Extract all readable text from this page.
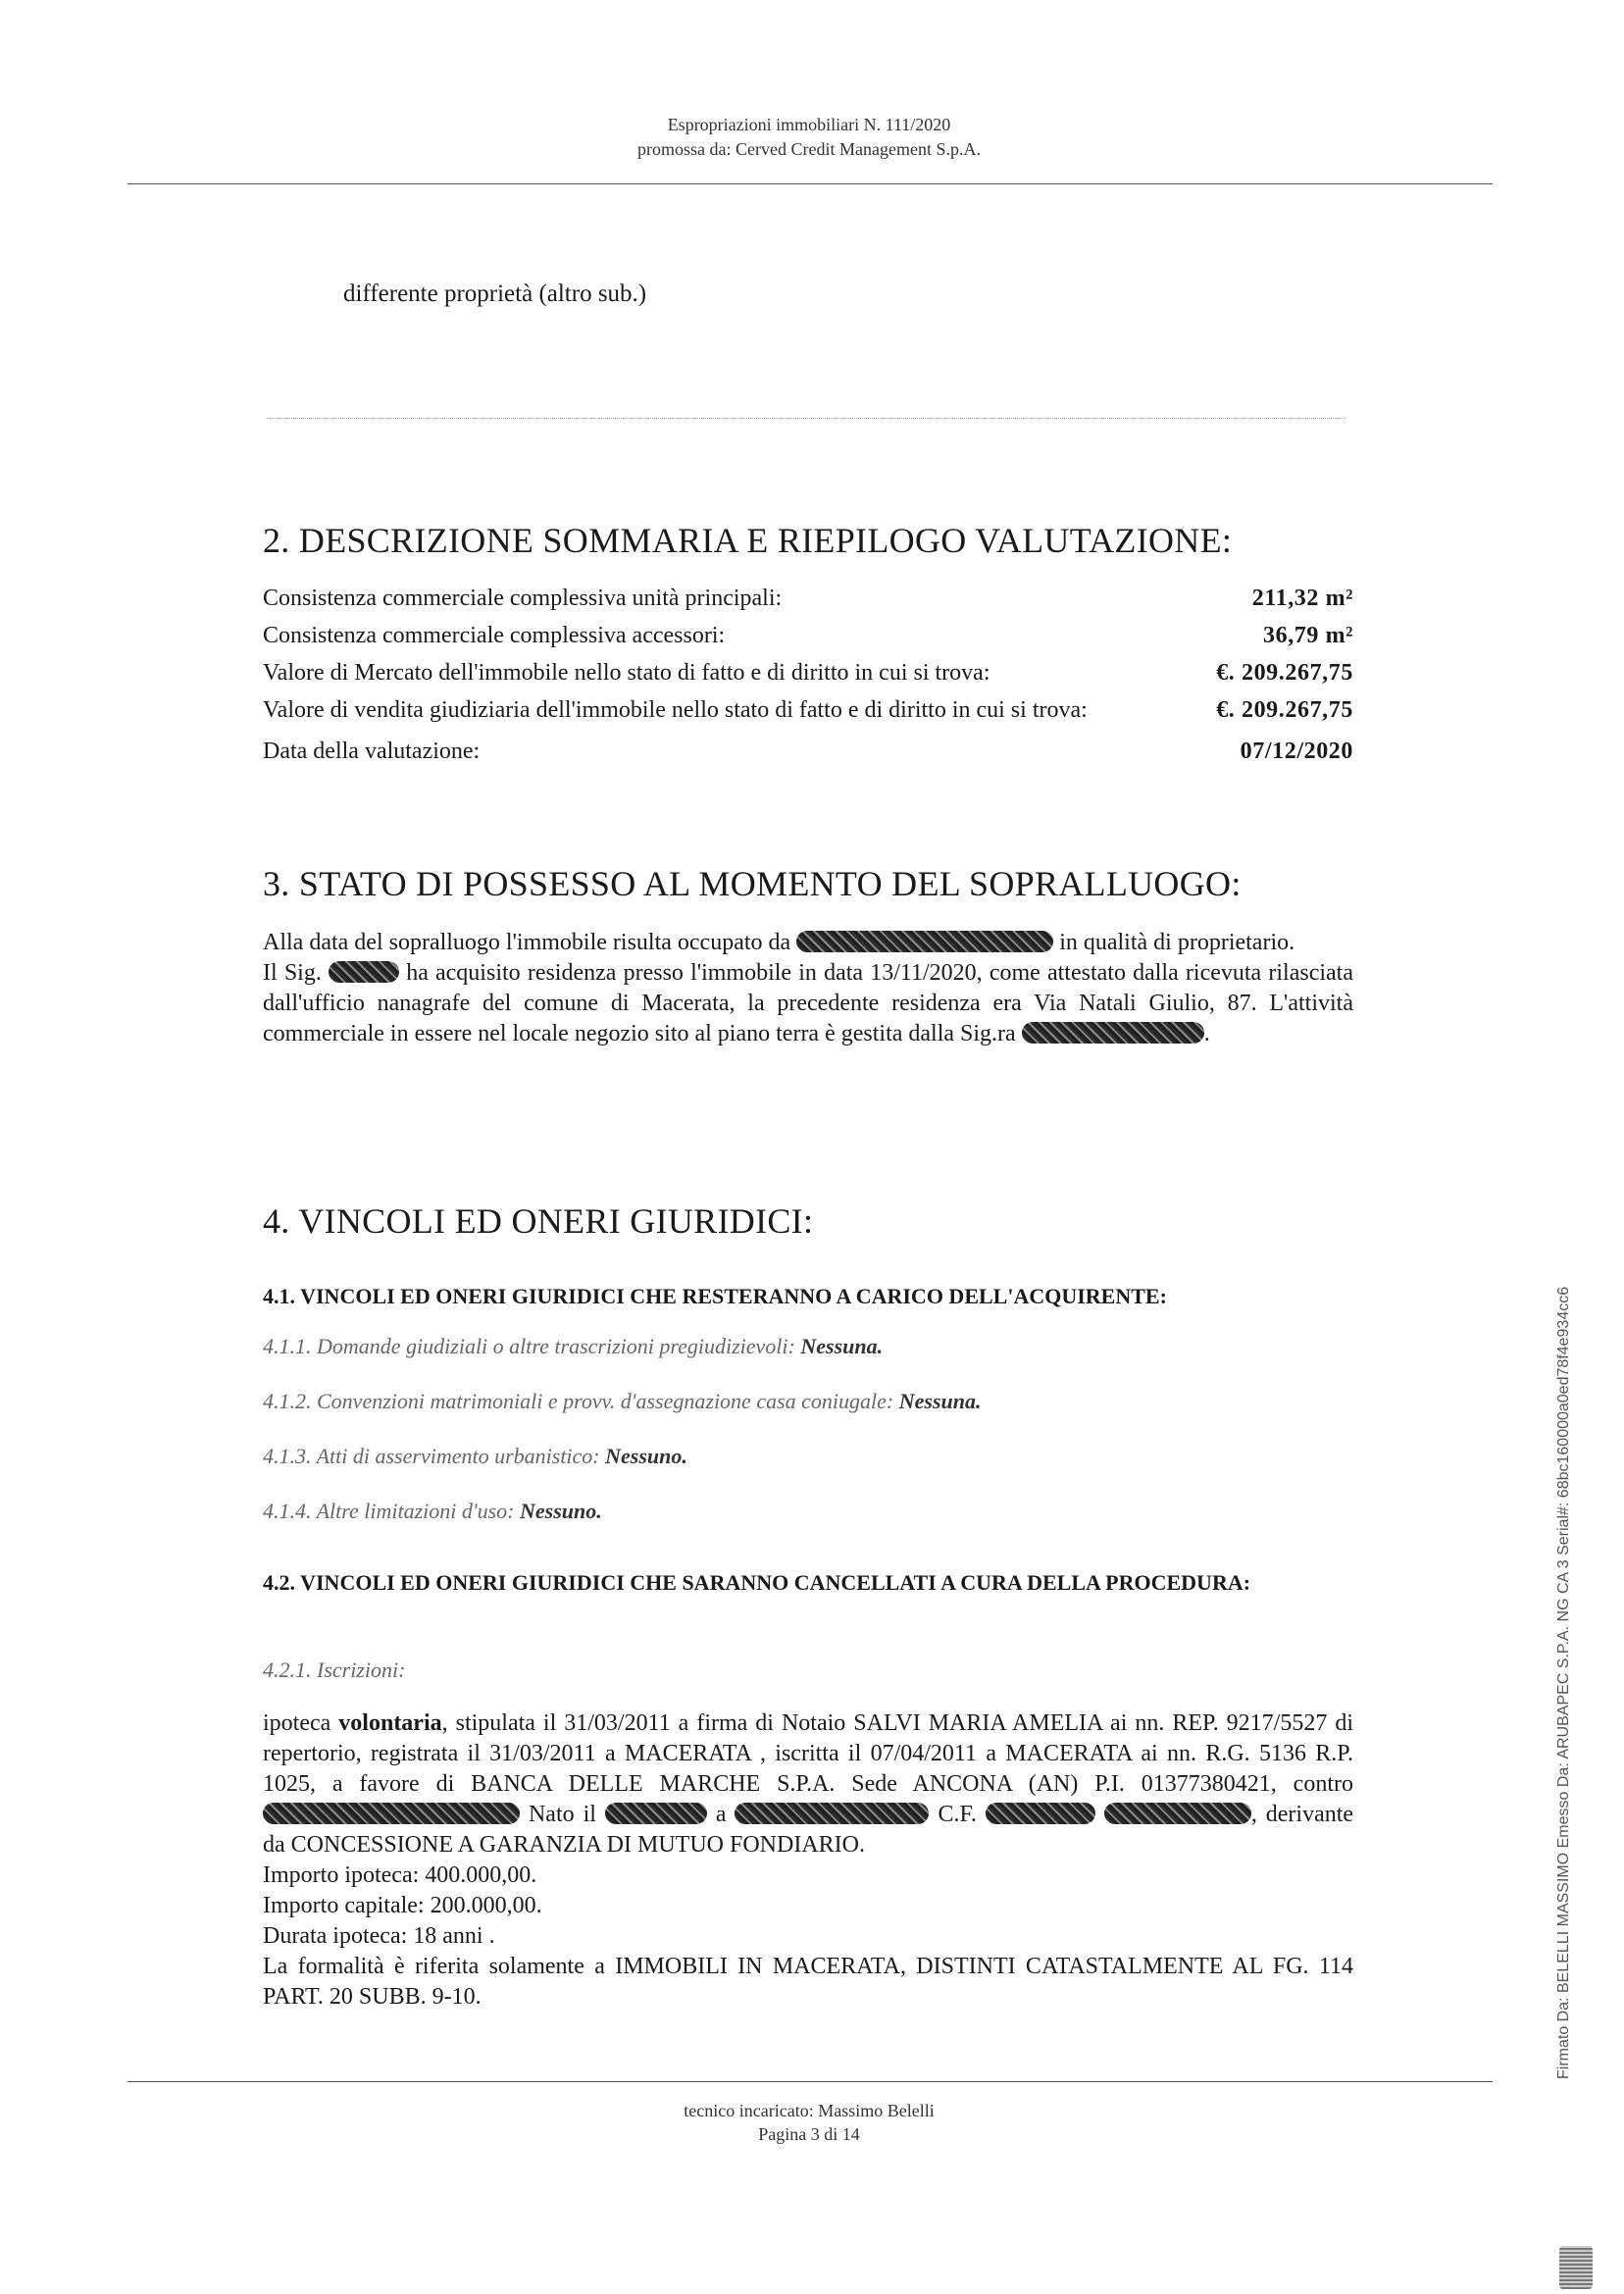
Espropriazioni immobiliari N. 111/2020
promossa da: Cerved Credit Management S.p.A.
differente proprietà (altro sub.)
2. DESCRIZIONE SOMMARIA E RIEPILOGO VALUTAZIONE:
Consistenza commerciale complessiva unità principali:	211,32 m²
Consistenza commerciale complessiva accessori:	36,79 m²
Valore di Mercato dell'immobile nello stato di fatto e di diritto in cui si trova:	€. 209.267,75
Valore di vendita giudiziaria dell'immobile nello stato di fatto e di diritto in cui si trova:	€. 209.267,75
Data della valutazione:	07/12/2020
3. STATO DI POSSESSO AL MOMENTO DEL SOPRALLUOGO:

Alla data del sopralluogo l'immobile risulta occupato da	in qualità di proprietario.

Il Sig.	ha acquisito residenza presso l'immobile in data 13/11/2020, come attestato dalla ricevuta rilasciata dall'ufficio nanagrafe del comune di Macerata, la precedente residenza era Via Natali Giulio, 87. L'attività commerciale in essere nel locale negozio sito al piano terra è gestita dalla Sig.ra	.

4. VINCOLI ED ONERI GIURIDICI:
4.1. VINCOLI ED ONERI GIURIDICI CHE RESTERANNO A CARICO DELL'ACQUIRENTE:
4.1.1. Domande giudiziali o altre trascrizioni pregiudizievoli: Nessuna.
4.1.2. Convenzioni matrimoniali e provv. d'assegnazione casa coniugale: Nessuna.
4.1.3. Atti di asservimento urbanistico: Nessuno.
4.1.4. Altre limitazioni d'uso: Nessuno.
4.2. VINCOLI ED ONERI GIURIDICI CHE SARANNO CANCELLATI A CURA DELLA PROCEDURA:
4.2.1. Iscrizioni:

ipoteca volontaria, stipulata il 31/03/2011 a firma di Notaio SALVI MARIA AMELIA ai nn. REP. 9217/5527 di repertorio, registrata il 31/03/2011 a MACERATA , iscritta il 07/04/2011 a MACERATA ai nn. R.G. 5136 R.P. 1025, a favore di BANCA DELLE MARCHE S.P.A. Sede ANCONA (AN) P.I. 01377380421, contro  Nato il	a	C.F.	, derivante da CONCESSIONE A GARANZIA DI MUTUO FONDIARIO.

Importo ipoteca: 400.000,00.

Importo capitale: 200.000,00.

Durata ipoteca: 18 anni .

La formalità è riferita solamente a IMMOBILI IN MACERATA, DISTINTI CATASTALMENTE AL FG. 114 PART. 20 SUBB. 9-10.

tecnico incaricato: Massimo Belelli
Pagina 3 di 14
Firmato Da: BELELLI MASSIMO Emesso Da: ARUBAPEC S.P.A. NG CA 3 Serial#: 68bc160000a0ed78f4e934cc6
